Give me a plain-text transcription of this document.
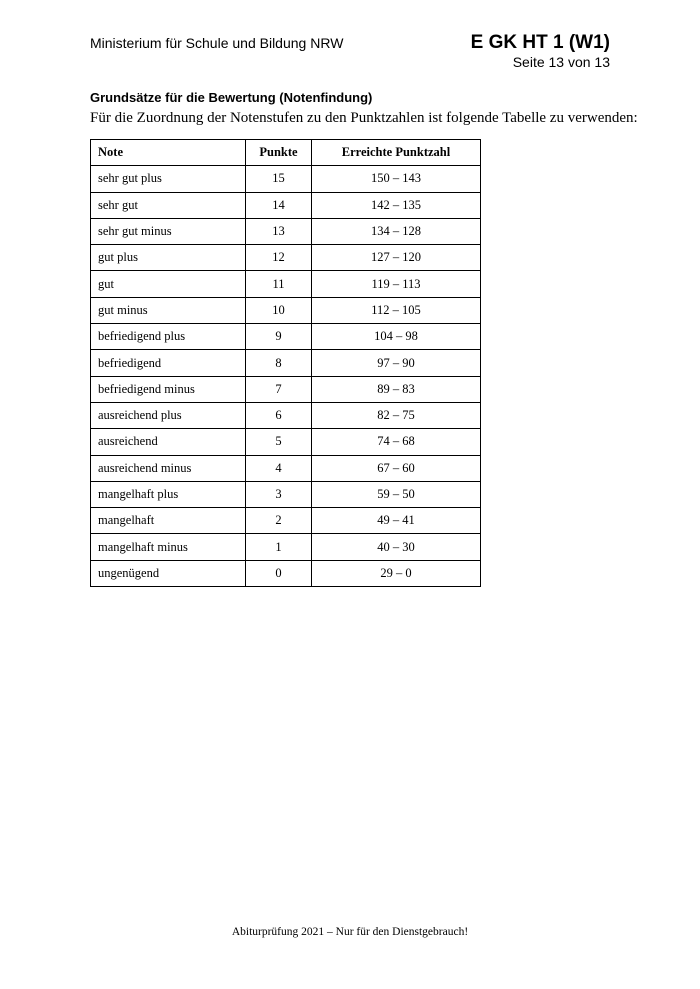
Ministerium für Schule und Bildung NRW	E GK HT 1 (W1)
Seite 13 von 13
Grundsätze für die Bewertung (Notenfindung)
Für die Zuordnung der Notenstufen zu den Punktzahlen ist folgende Tabelle zu verwenden:
Note	Punkte	Erreichte Punktzahl
sehr gut plus	15	150 – 143
sehr gut	14	142 – 135
sehr gut minus	13	134 – 128
gut plus	12	127 – 120
gut	11	119 – 113
gut minus	10	112 – 105
befriedigend plus	9	104 – 98
befriedigend	8	97 – 90
befriedigend minus	7	89 – 83
ausreichend plus	6	82 – 75
ausreichend	5	74 – 68
ausreichend minus	4	67 – 60
mangelhaft plus	3	59 – 50
mangelhaft	2	49 – 41
mangelhaft minus	1	40 – 30
ungenügend	0	29 – 0
Abiturprüfung 2021 – Nur für den Dienstgebrauch!
